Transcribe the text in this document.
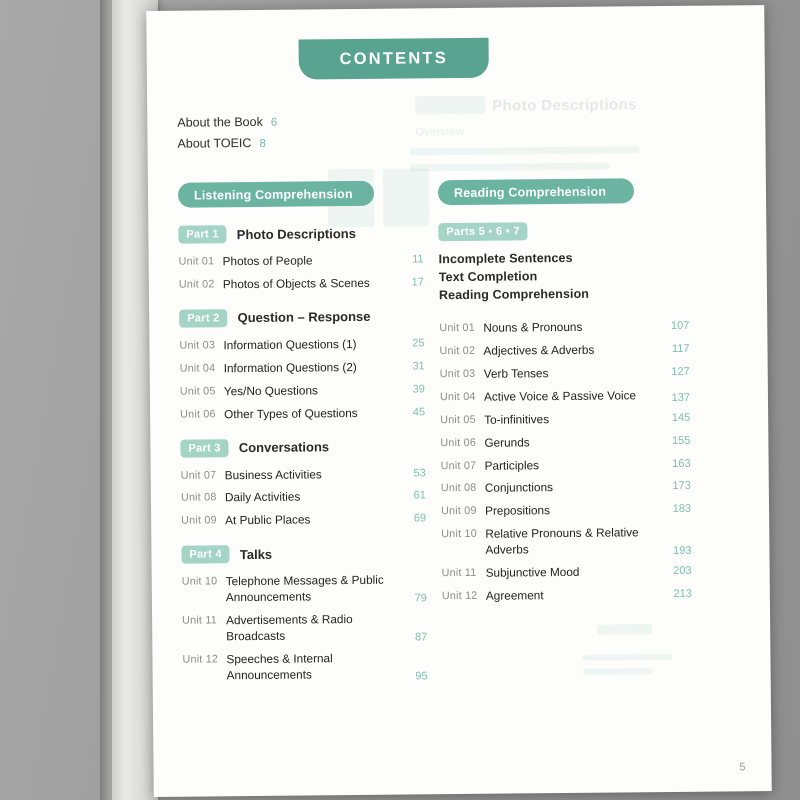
Photo Descriptions
Overview
CONTENTS
About the Book 6
About TOEIC 8
Listening Comprehension	Reading Comprehension
Part 1	Photo Descriptions
Unit 01 Photos of People	11
Unit 02 Photos of Objects & Scenes	17
Part 2	Question – Response
Unit 03 Information Questions (1)	25
Unit 04 Information Questions (2)	31
Unit 05 Yes/No Questions	39
Unit 06 Other Types of Questions	45
Part 3	Conversations
Unit 07 Business Activities	53
Unit 08 Daily Activities	61
Unit 09 At Public Places	69
Part 4	Talks
Unit 10 Telephone Messages & Public Announcements	79
Unit 11 Advertisements & Radio Broadcasts	87
Unit 12 Speeches & Internal Announcements	95
Parts 5 • 6 • 7
Incomplete Sentences
Text Completion
Reading Comprehension
Unit 01 Nouns & Pronouns	107
Unit 02 Adjectives & Adverbs	117
Unit 03 Verb Tenses	127
Unit 04 Active Voice & Passive Voice	137
Unit 05 To-infinitives	145
Unit 06 Gerunds	155
Unit 07 Participles	163
Unit 08 Conjunctions	173
Unit 09 Prepositions	183
Unit 10 Relative Pronouns & Relative Adverbs	193
Unit 11 Subjunctive Mood	203
Unit 12 Agreement	213
5
